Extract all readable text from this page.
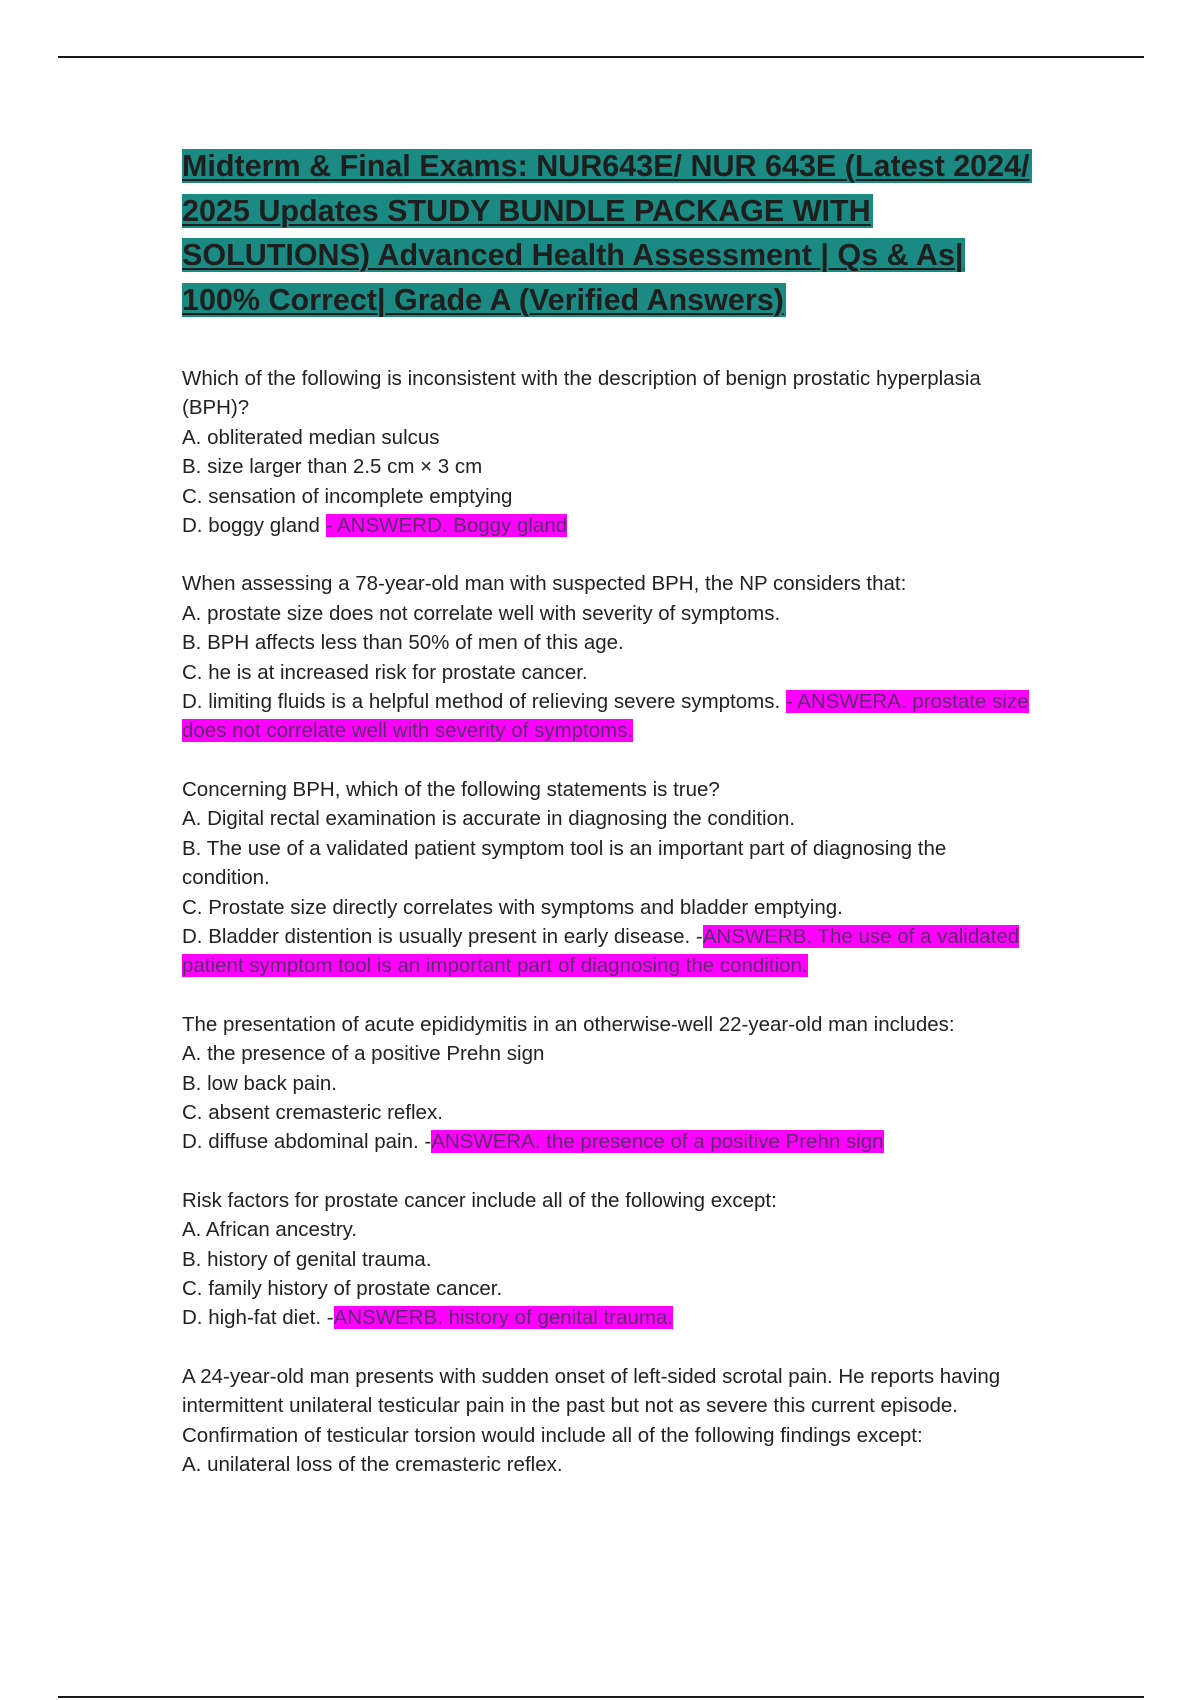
Midterm & Final Exams: NUR643E/ NUR 643E (Latest 2024/ 2025 Updates STUDY BUNDLE PACKAGE WITH SOLUTIONS) Advanced Health Assessment | Qs & As| 100% Correct| Grade A (Verified Answers)

Which of the following is inconsistent with the description of benign prostatic hyperplasia (BPH)?

A. obliterated median sulcus

B. size larger than 2.5 cm × 3 cm

C. sensation of incomplete emptying

D. boggy gland - ANSWERD. Boggy gland

When assessing a 78-year-old man with suspected BPH, the NP considers that:

A. prostate size does not correlate well with severity of symptoms.

B. BPH affects less than 50% of men of this age.

C. he is at increased risk for prostate cancer.

D. limiting fluids is a helpful method of relieving severe symptoms. - ANSWERA. prostate size does not correlate well with severity of symptoms.

Concerning BPH, which of the following statements is true?

A. Digital rectal examination is accurate in diagnosing the condition.

B. The use of a validated patient symptom tool is an important part of diagnosing the condition.

C. Prostate size directly correlates with symptoms and bladder emptying.

D. Bladder distention is usually present in early disease. -ANSWERB. The use of a validated patient symptom tool is an important part of diagnosing the condition.

The presentation of acute epididymitis in an otherwise-well 22-year-old man includes:

A. the presence of a positive Prehn sign

B. low back pain.

C. absent cremasteric reflex.

D. diffuse abdominal pain. -ANSWERA. the presence of a positive Prehn sign

Risk factors for prostate cancer include all of the following except:

A. African ancestry.

B. history of genital trauma.

C. family history of prostate cancer.

D. high-fat diet. -ANSWERB. history of genital trauma.

A 24-year-old man presents with sudden onset of left-sided scrotal pain. He reports having intermittent unilateral testicular pain in the past but not as severe this current episode. Confirmation of testicular torsion would include all of the following findings except:

A. unilateral loss of the cremasteric reflex.
